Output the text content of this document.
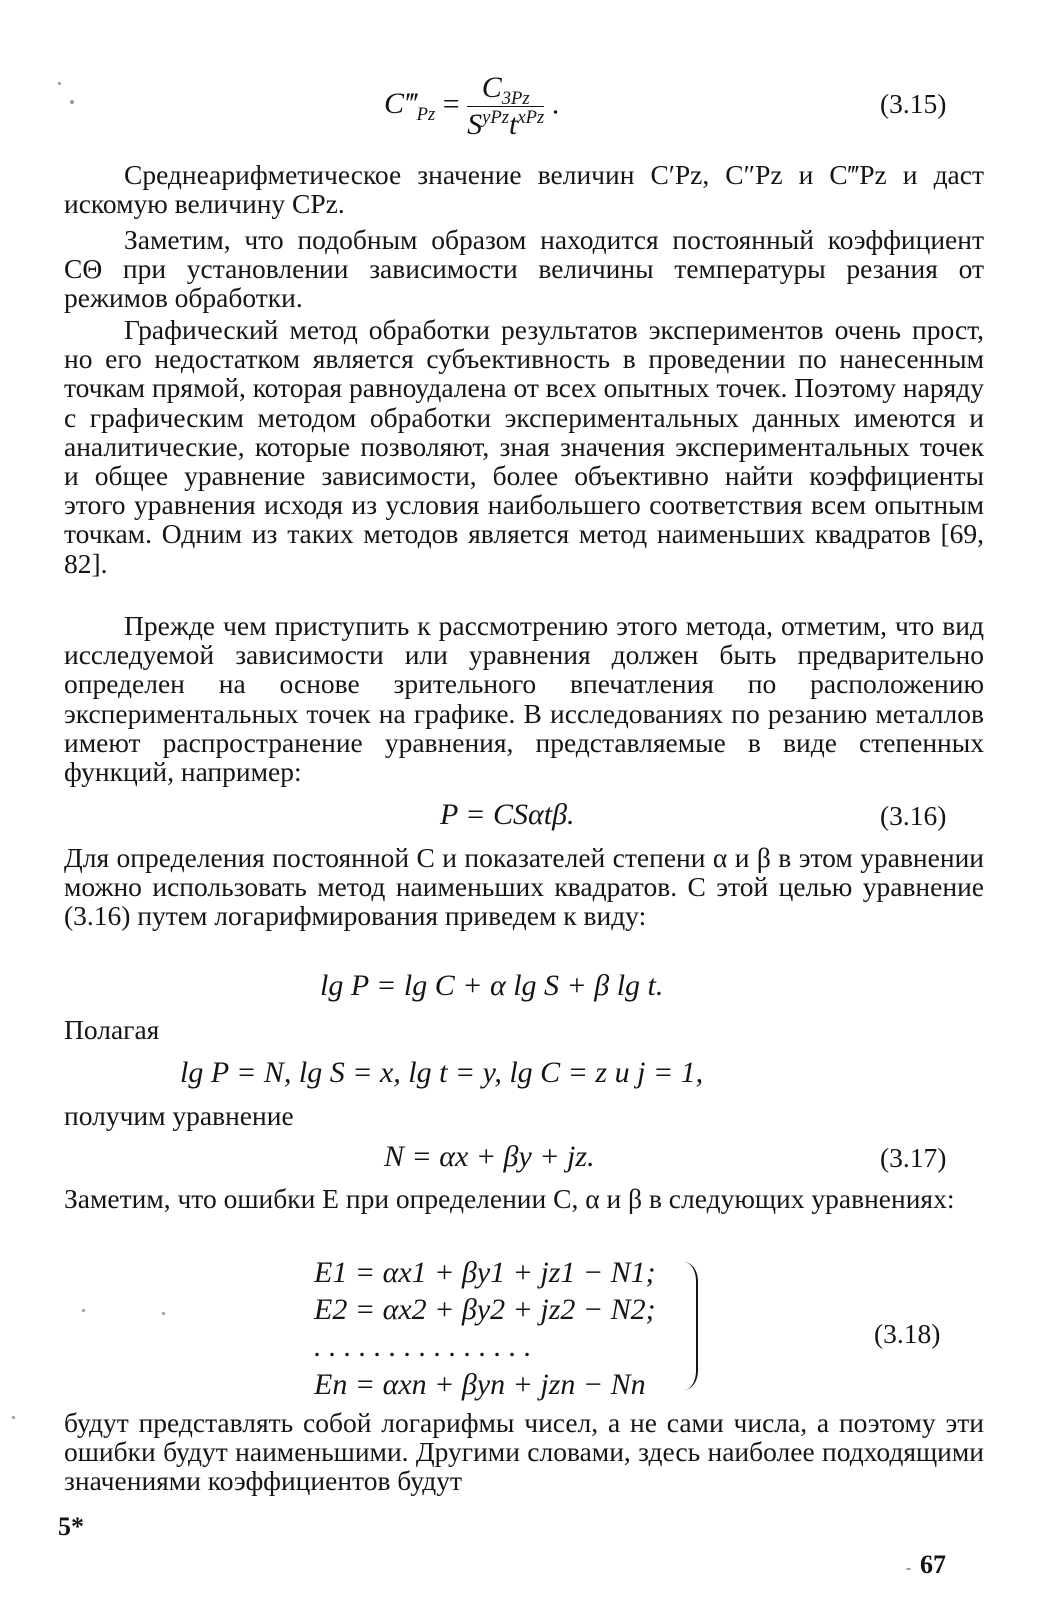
$C‴_{Pz} = \frac{C_{3Pz}}{S^{yPz}t^{xPz}}$ .	(3.15)

Среднеарифметическое значение величин C′Pz, C″Pz и C‴Pz и даст искомую величину CPz.

Заметим, что подобным образом находится постоянный коэффициент CΘ при установлении зависимости величины температуры резания от режимов обработки.

Графический метод обработки результатов экспериментов очень прост, но его недостатком является субъективность в проведении по нанесенным точкам прямой, которая равноудалена от всех опытных точек. Поэтому наряду с графическим методом обработки экспериментальных данных имеются и аналитические, которые позволяют, зная значения экспериментальных точек и общее уравнение зависимости, более объективно найти коэффициенты этого уравнения исходя из условия наибольшего соответствия всем опытным точкам. Одним из таких методов является метод наименьших квадратов [69, 82].

Прежде чем приступить к рассмотрению этого метода, отметим, что вид исследуемой зависимости или уравнения должен быть предварительно определен на основе зрительного впечатления по расположению экспериментальных точек на графике. В исследованиях по резанию металлов имеют распространение уравнения, представляемые в виде степенных функций, например:

P = CSαtβ.	(3.16)

Для определения постоянной C и показателей степени α и β в этом уравнении можно использовать метод наименьших квадратов. С этой целью уравнение (3.16) путем логарифмирования приведем к виду:

lg P = lg C + α lg S + β lg t.
Полагая
lg P = N, lg S = x, lg t = y, lg C = z и j = 1,
получим уравнение
N = αx + βy + jz.	(3.17)

Заметим, что ошибки E при определении C, α и β в следующих уравнениях:

E1 = αx1 + βy1 + jz1 − N1;
E2 = αx2 + βy2 + jz2 − N2;
. . . . . . . . . . . . . . .
En = αxn + βyn + jzn − Nn
(3.18)

будут представлять собой логарифмы чисел, а не сами числа, а поэтому эти ошибки будут наименьшими. Другими словами, здесь наиболее подходящими значениями коэффициентов будут

5*
67
